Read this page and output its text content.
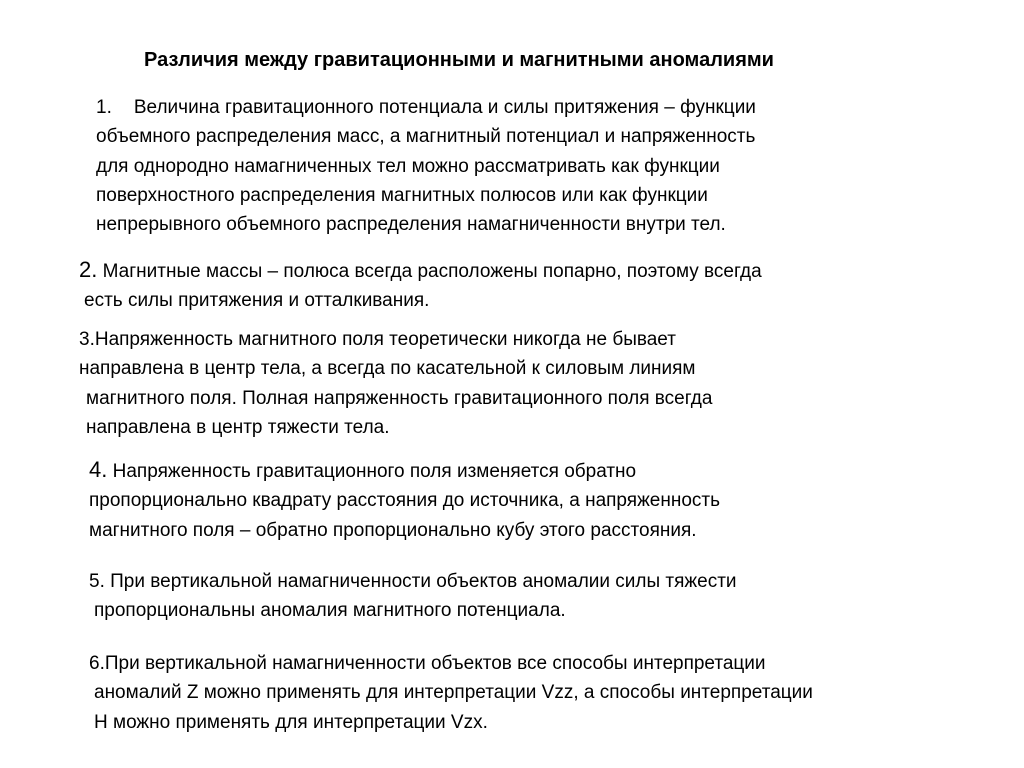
Различия между гравитационными и магнитными аномалиями
1. Величина гравитационного потенциала и силы притяжения – функции
объемного распределения масс, а магнитный потенциал и напряженность
для однородно намагниченных тел можно рассматривать как функции
поверхностного распределения магнитных полюсов или как функции
непрерывного объемного распределения намагниченности внутри тел.
2. Магнитные массы – полюса всегда расположены попарно, поэтому всегда
есть силы притяжения и отталкивания.
3.Напряженность магнитного поля теоретически никогда не бывает
направлена в центр тела, а всегда по касательной к силовым линиям
магнитного поля. Полная напряженность гравитационного поля всегда
направлена в центр тяжести тела.
4. Напряженность гравитационного поля изменяется обратно
пропорционально квадрату расстояния до источника, а напряженность
магнитного поля – обратно пропорционально кубу этого расстояния.
5. При вертикальной намагниченности объектов аномалии силы тяжести
пропорциональны аномалия магнитного потенциала.
6.При вертикальной намагниченности объектов все способы интерпретации
аномалий Z можно применять для интерпретации Vzz, а способы интерпретации
H можно применять для интерпретации Vzx.
